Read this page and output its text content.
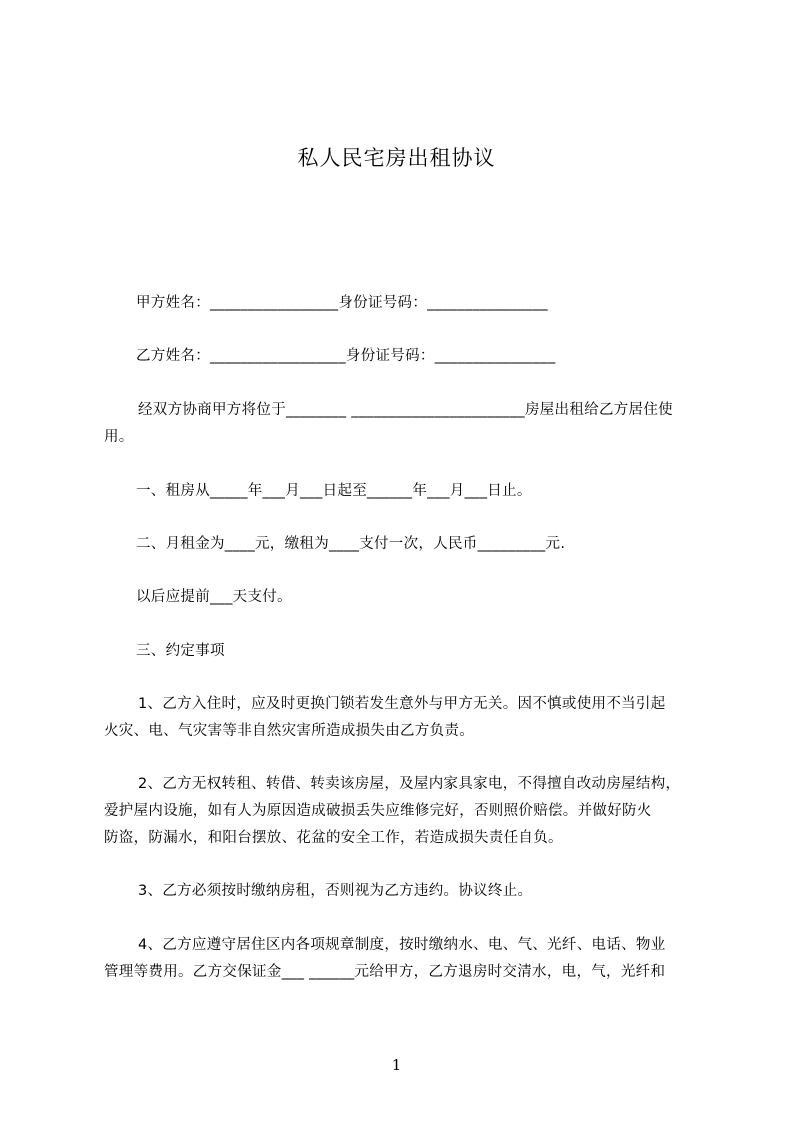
私人民宅房出租协议
甲方姓名：_________________身份证号码：________________
乙方姓名：__________________身份证号码：________________
经双方协商甲方将位于________ _______________________房屋出租给乙方居住使
用。
一、租房从_____年___月___日起至______年___月___日止。
二、月租金为____元，缴租为____支付一次，人民币_________元.
以后应提前___天支付。
三、约定事项
1、乙方入住时，应及时更换门锁若发生意外与甲方无关。因不慎或使用不当引起
火灾、电、气灾害等非自然灾害所造成损失由乙方负责。
2、乙方无权转租、转借、转卖该房屋，及屋内家具家电，不得擅自改动房屋结构，
爱护屋内设施，如有人为原因造成破损丢失应维修完好，否则照价赔偿。并做好防火
防盗，防漏水，和阳台摆放、花盆的安全工作，若造成损失责任自负。
3、乙方必须按时缴纳房租，否则视为乙方违约。协议终止。
4、乙方应遵守居住区内各项规章制度，按时缴纳水、电、气、光纤、电话、物业
管理等费用。乙方交保证金___ ______元给甲方，乙方退房时交清水，电，气，光纤和
1
